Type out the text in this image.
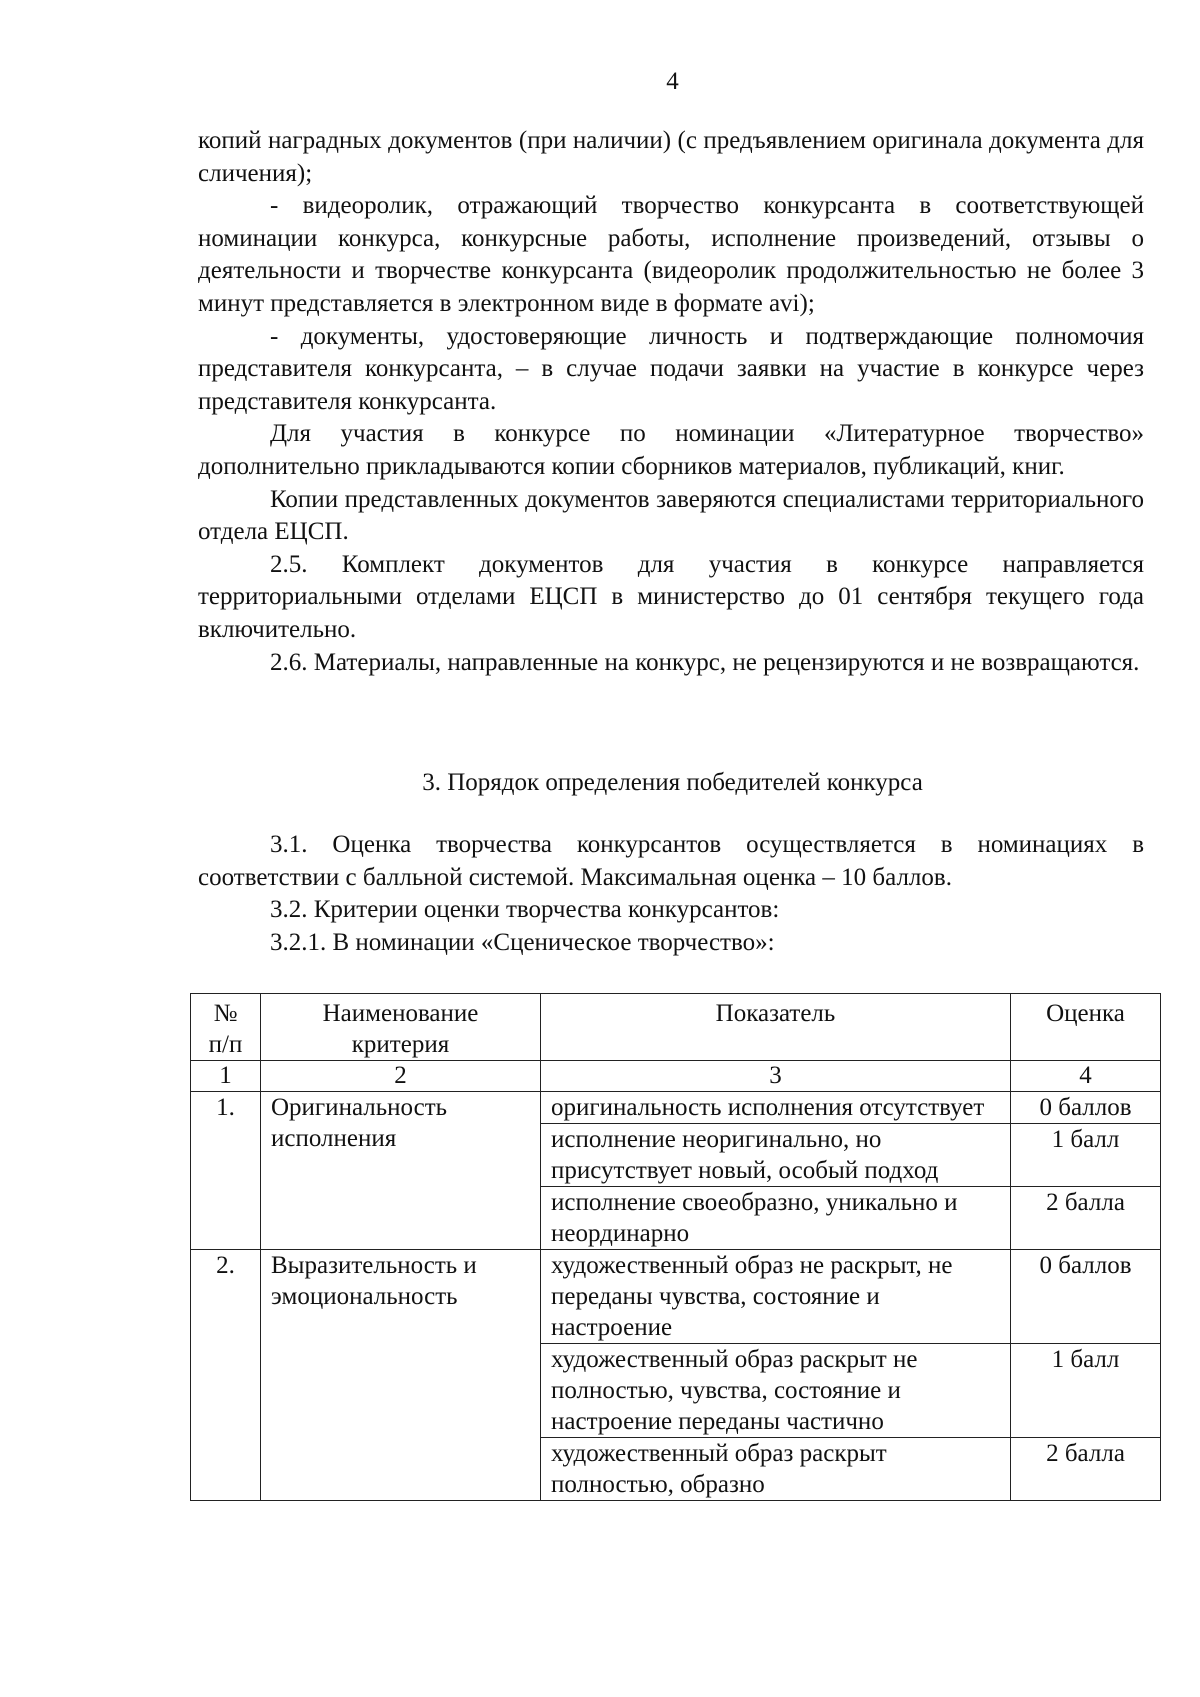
4

копий наградных документов (при наличии) (с предъявлением оригинала документа для сличения);

- видеоролик, отражающий творчество конкурсанта в соответствующей номинации конкурса, конкурсные работы, исполнение произведений, отзывы о деятельности и творчестве конкурсанта (видеоролик продолжительностью не более 3 минут представляется в электронном виде в формате avi);

- документы, удостоверяющие личность и подтверждающие полномочия представителя конкурсанта, – в случае подачи заявки на участие в конкурсе через представителя конкурсанта.

Для участия в конкурсе по номинации «Литературное творчество» дополнительно прикладываются копии сборников материалов, публикаций, книг.

Копии представленных документов заверяются специалистами территориального отдела ЕЦСП.

2.5. Комплект документов для участия в конкурсе направляется территориальными отделами ЕЦСП в министерство до 01 сентября текущего года включительно.

2.6. Материалы, направленные на конкурс, не рецензируются и не возвращаются.

3. Порядок определения победителей конкурса

3.1. Оценка творчества конкурсантов осуществляется в номинациях в соответствии с балльной системой. Максимальная оценка – 10 баллов.

3.2. Критерии оценки творчества конкурсантов:

3.2.1. В номинации «Сценическое творчество»:

№ п/п	Наименование критерия	Показатель	Оценка
1	2	3	4
1.	Оригинальность исполнения	оригинальность исполнения отсутствует	0 баллов
		исполнение неоригинально, но присутствует новый, особый подход	1 балл
		исполнение своеобразно, уникально и неординарно	2 балла
2.	Выразительность и эмоциональность	художественный образ не раскрыт, не переданы чувства, состояние и настроение	0 баллов
		художественный образ раскрыт не полностью, чувства, состояние и настроение переданы частично	1 балл
		художественный образ раскрыт полностью, образно	2 балла
